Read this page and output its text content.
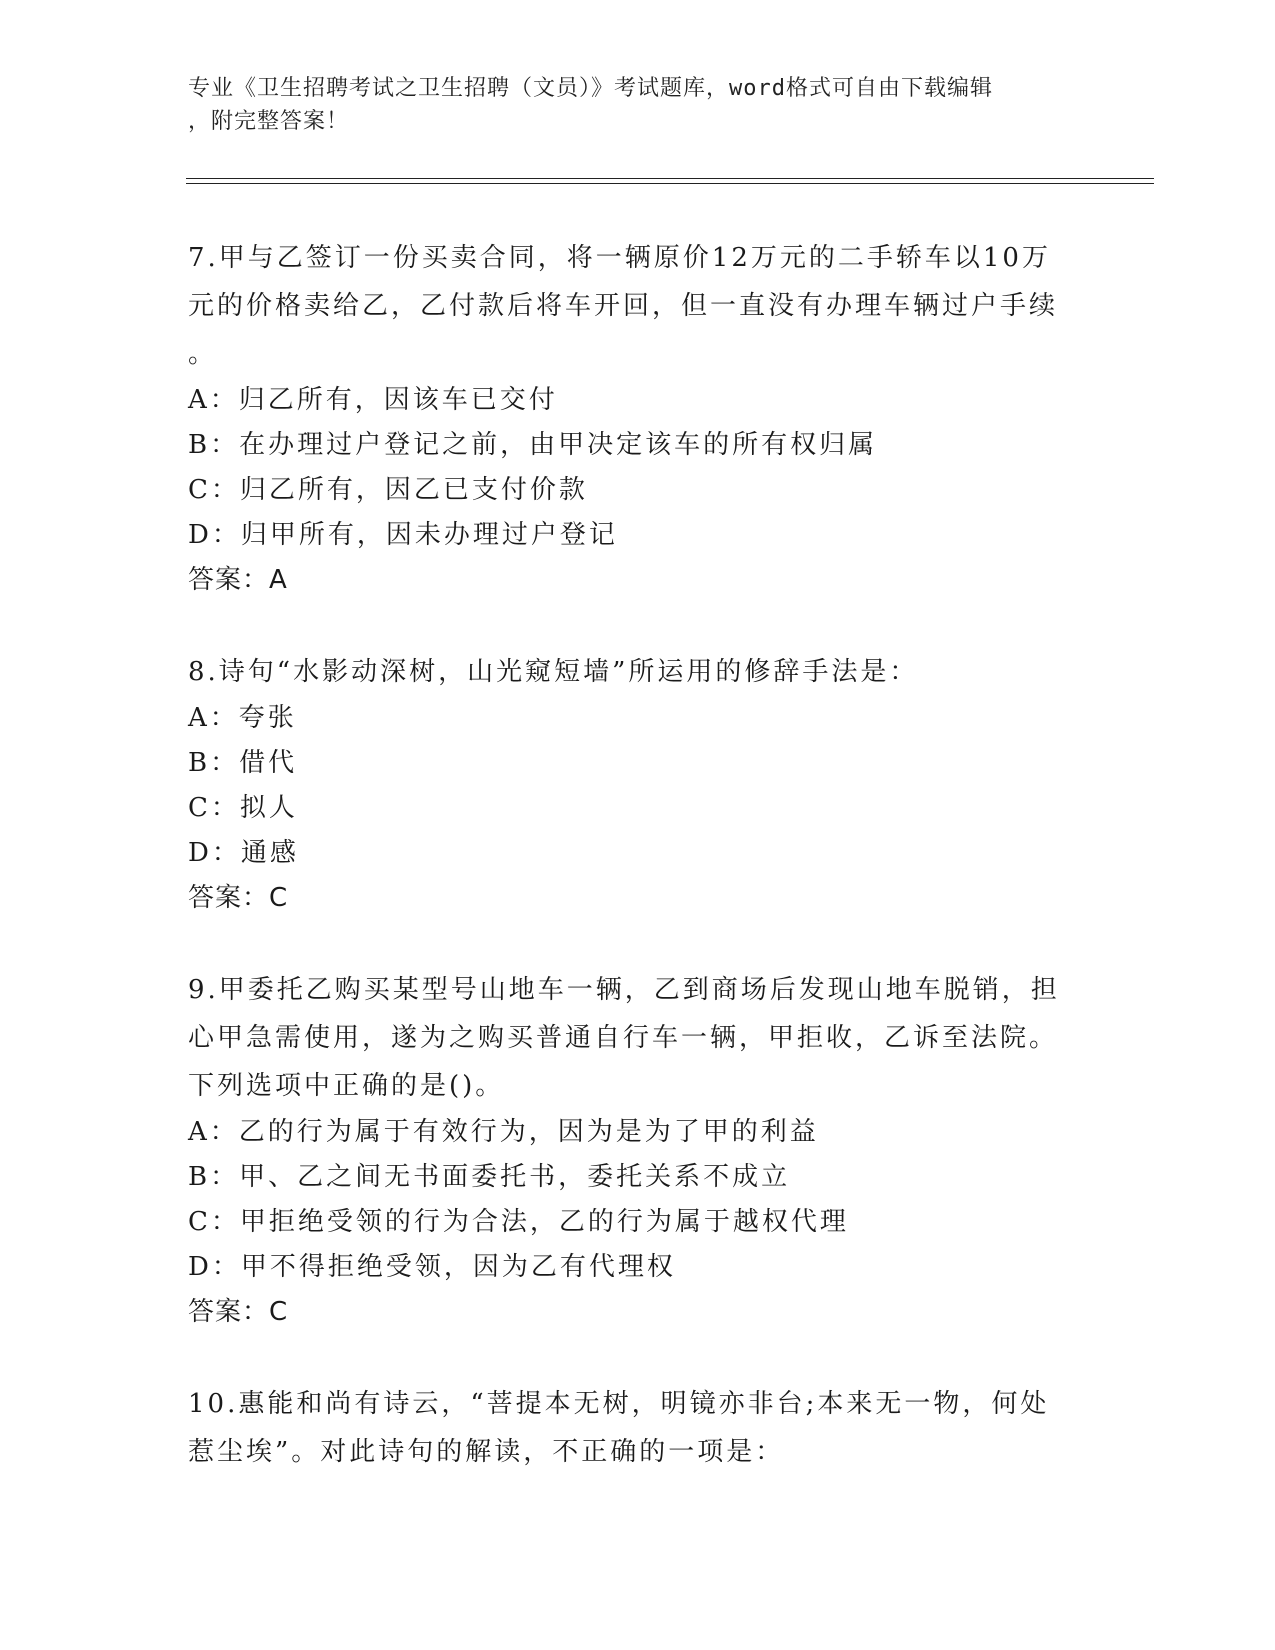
专业《卫生招聘考试之卫生招聘（文员）》考试题库，word格式可自由下载编辑
，附完整答案！
7.甲与乙签订一份买卖合同，将一辆原价12万元的二手轿车以10万
元的价格卖给乙，乙付款后将车开回，但一直没有办理车辆过户手续
。
A：归乙所有，因该车已交付
B：在办理过户登记之前，由甲决定该车的所有权归属
C：归乙所有，因乙已支付价款
D：归甲所有，因未办理过户登记
答案：A
8.诗句“水影动深树，山光窥短墙”所运用的修辞手法是：
A：夸张
B：借代
C：拟人
D：通感
答案：C
9.甲委托乙购买某型号山地车一辆，乙到商场后发现山地车脱销，担
心甲急需使用，遂为之购买普通自行车一辆，甲拒收，乙诉至法院。
下列选项中正确的是()。
A：乙的行为属于有效行为，因为是为了甲的利益
B：甲、乙之间无书面委托书，委托关系不成立
C：甲拒绝受领的行为合法，乙的行为属于越权代理
D：甲不得拒绝受领，因为乙有代理权
答案：C
10.惠能和尚有诗云，“菩提本无树，明镜亦非台;本来无一物，何处
惹尘埃”。对此诗句的解读，不正确的一项是：
